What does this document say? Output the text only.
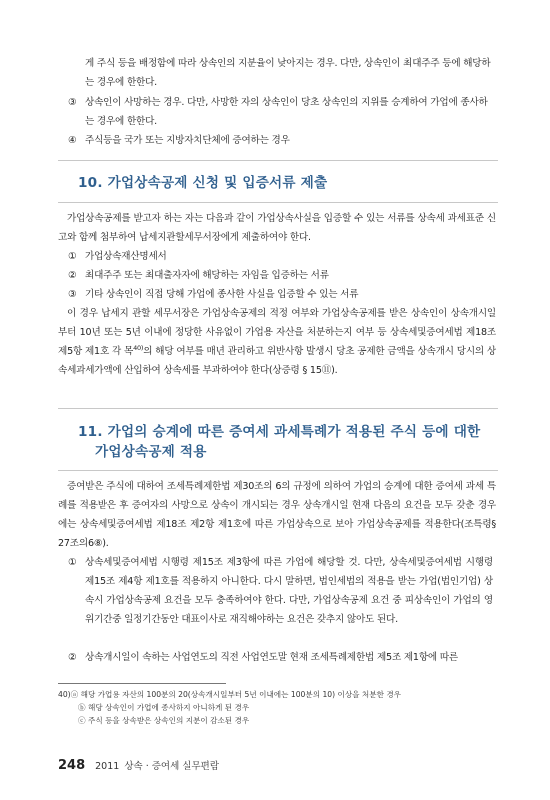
게 주식 등을 배정함에 따라 상속인의 지분율이 낮아지는 경우. 다만, 상속인이 최대주주 등에 해당하는 경우에 한한다.
③ 상속인이 사망하는 경우. 다만, 사망한 자의 상속인이 당초 상속인의 지위를 승계하여 가업에 종사하는 경우에 한한다.
④ 주식등을 국가 또는 지방자치단체에 증여하는 경우
10. 가업상속공제 신청 및 입증서류 제출
가업상속공제를 받고자 하는 자는 다음과 같이 가업상속사실을 입증할 수 있는 서류를 상속세 과세표준 신고와 함께 첨부하여 납세지관할세무서장에게 제출하여야 한다.
① 가업상속재산명세서
② 최대주주 또는 최대출자자에 해당하는 자임을 입증하는 서류
③ 기타 상속인이 직접 당해 가업에 종사한 사실을 입증할 수 있는 서류
이 경우 납세지 관할 세무서장은 가업상속공제의 적정 여부와 가업상속공제를 받은 상속인이 상속개시일부터 10년 또는 5년 이내에 정당한 사유없이 가업용 자산을 처분하는지 여부 등 상속세및증여세법 제18조 제5항 제1호 각 목$^{40)}$의 해당 여부를 매년 관리하고 위반사항 발생시 당초 공제한 금액을 상속개시 당시의 상속세과세가액에 산입하여 상속세를 부과하여야 한다(상증령 § 15⑪).
11. 가업의 승계에 따른 증여세 과세특례가 적용된 주식 등에 대한
가업상속공제 적용
증여받은 주식에 대하여 조세특례제한법 제30조의 6의 규정에 의하여 가업의 승계에 대한 증여세 과세 특례를 적용받은 후 증여자의 사망으로 상속이 개시되는 경우 상속개시일 현재 다음의 요건을 모두 갖춘 경우에는 상속세및증여세법 제18조 제2항 제1호에 따른 가업상속으로 보아 가업상속공제를 적용한다(조특령§ 27조의6⑧).
① 상속세및증여세법 시행령 제15조 제3항에 따른 가업에 해당할 것. 다만, 상속세및증여세법 시행령 제15조 제4항 제1호를 적용하지 아니한다. 다시 말하면, 법인세법의 적용을 받는 가업(법인기업) 상속시 가업상속공제 요건을 모두 충족하여야 한다. 다만, 가업상속공제 요건 중 피상속인이 가업의 영위기간중 일정기간동안 대표이사로 재직해야하는 요건은 갖추지 않아도 된다.
② 상속개시일이 속하는 사업연도의 직전 사업연도말 현재 조세특례제한법 제5조 제1항에 따른
40)ⓐ 해당 가업용 자산의 100분의 20(상속개시일부터 5년 이내에는 100분의 10) 이상을 처분한 경우
ⓑ 해당 상속인이 가업에 종사하지 아니하게 된 경우
ⓒ 주식 등을 상속받은 상속인의 지분이 감소된 경우
248 2011 상속 · 증여세 실무편람
